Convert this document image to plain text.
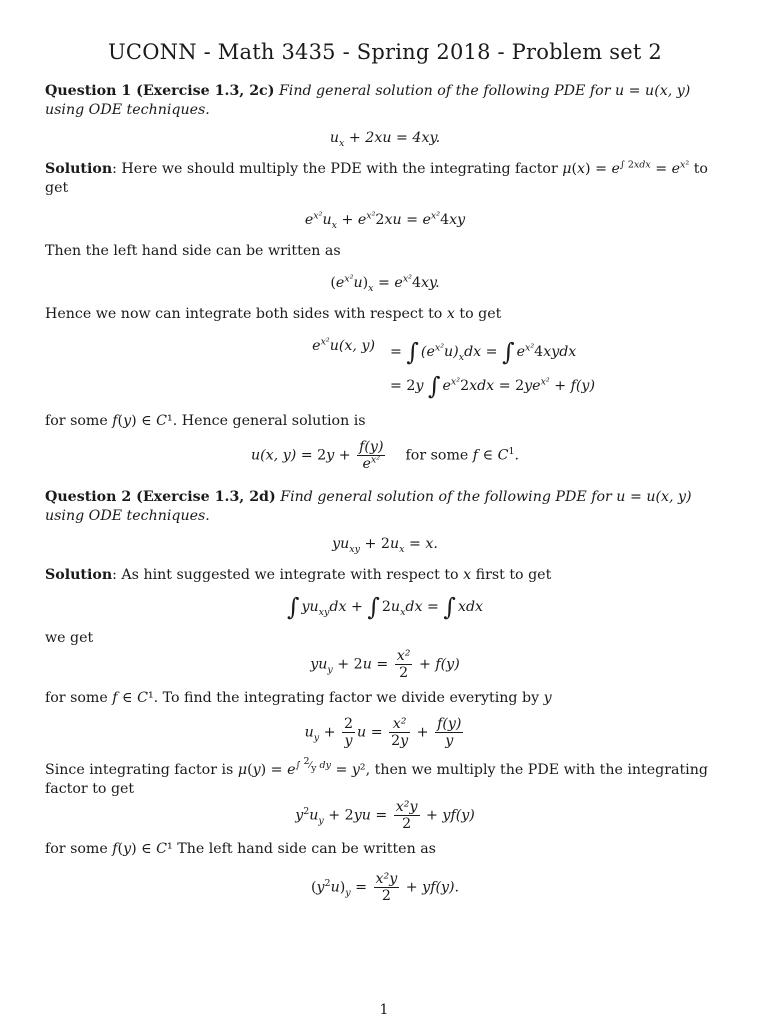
UCONN - Math 3435 - Spring 2018 - Problem set 2

Question 1 (Exercise 1.3, 2c) Find general solution of the following PDE for u = u(x, y) using ODE techniques.

$u_x + 2xu = 4xy$.

Solution: Here we should multiply the PDE with the integrating factor $\mu(x) = e^{\int 2xdx} = e^{x^2}$ to get

$e^{x^2}u_x + e^{x^2}2xu = e^{x^2}4xy$

Then the left hand side can be written as

$(e^{x^2}u)_x = e^{x^2}4xy$.

Hence we now can integrate both sides with respect to x to get

$e^{x^2}u(x$, y) = ∫ $(e^{x^2}u)_xdx$ = ∫ $e^{x^2}4xydx$
= 2y ∫ $e^{x^2}2xdx = 2ye^{x^2} + f(y)$

for some f(y) ∈ C¹. Hence general solution is

u(x, $y) = 2y + \frac{f(y)}{e^{x^2}}$ for some f ∈ $C^1$.

Question 2 (Exercise 1.3, 2d) Find general solution of the following PDE for u = u(x, y) using ODE techniques.

$yu_{xy} + 2u_x = x$.

Solution: As hint suggested we integrate with respect to x first to get

∫ $yu_{xy}dx$ + ∫ $2u_xdx$ = ∫ xdx

we get

$yu_y + 2u = \frac{\text{x²}}{2} + f(y)$

for some f ∈ C¹. To find the integrating factor we divide everyting by y

$u_y + \frac{2}{y}$ $u = \frac{\text{x²}}{2y} + \frac{f(y)}{y}$

Since integrating factor is $\mu(y) = e^{\int ^2⁄_y dy} = y^2$, then we multiply the PDE with the integrating factor to get

$y^2u_y + 2yu = \frac{\text{x²y}}{2} + yf(y)$

for some f(y) ∈ C¹ The left hand side can be written as

$(y^2u)_y = \frac{\text{x²y}}{2} + yf(y)$.
1
